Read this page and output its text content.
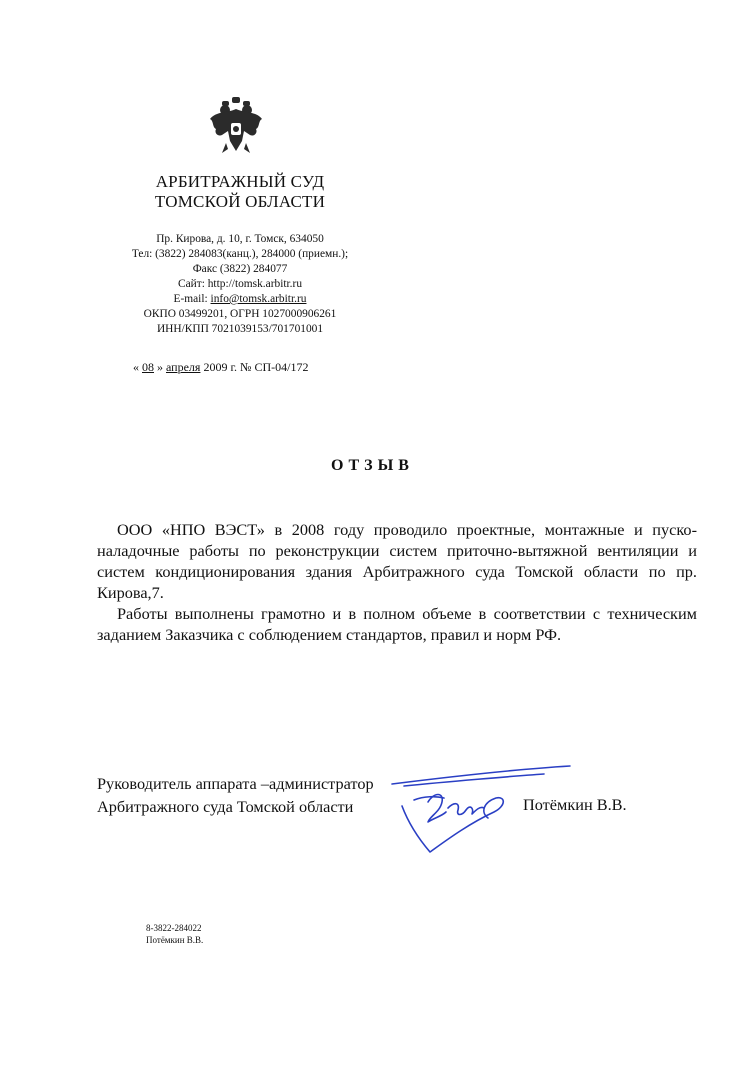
АРБИТРАЖНЫЙ СУД
ТОМСКОЙ ОБЛАСТИ
Пр. Кирова, д. 10, г. Томск, 634050
Тел: (3822) 284083(канц.), 284000 (приемн.);
Факс (3822) 284077
Сайт: http://tomsk.arbitr.ru
E-mail: info@tomsk.arbitr.ru
ОКПО 03499201, ОГРН 1027000906261
ИНН/КПП 7021039153/701701001
« 08 » апреля 2009 г. № СП-04/172
ОТЗЫВ

ООО «НПО ВЭСТ» в 2008 году проводило проектные, монтажные и пуско-наладочные работы по реконструкции систем приточно-вытяжной вентиляции и систем кондиционирования здания Арбитражного суда Томской области по пр. Кирова,7.

Работы выполнены грамотно и в полном объеме в соответствии с техническим заданием Заказчика с соблюдением стандартов, правил и норм РФ.

Руководитель аппарата –администратор
Арбитражного суда Томской области	Потёмкин В.В.
8-3822-284022
Потёмкин В.В.
